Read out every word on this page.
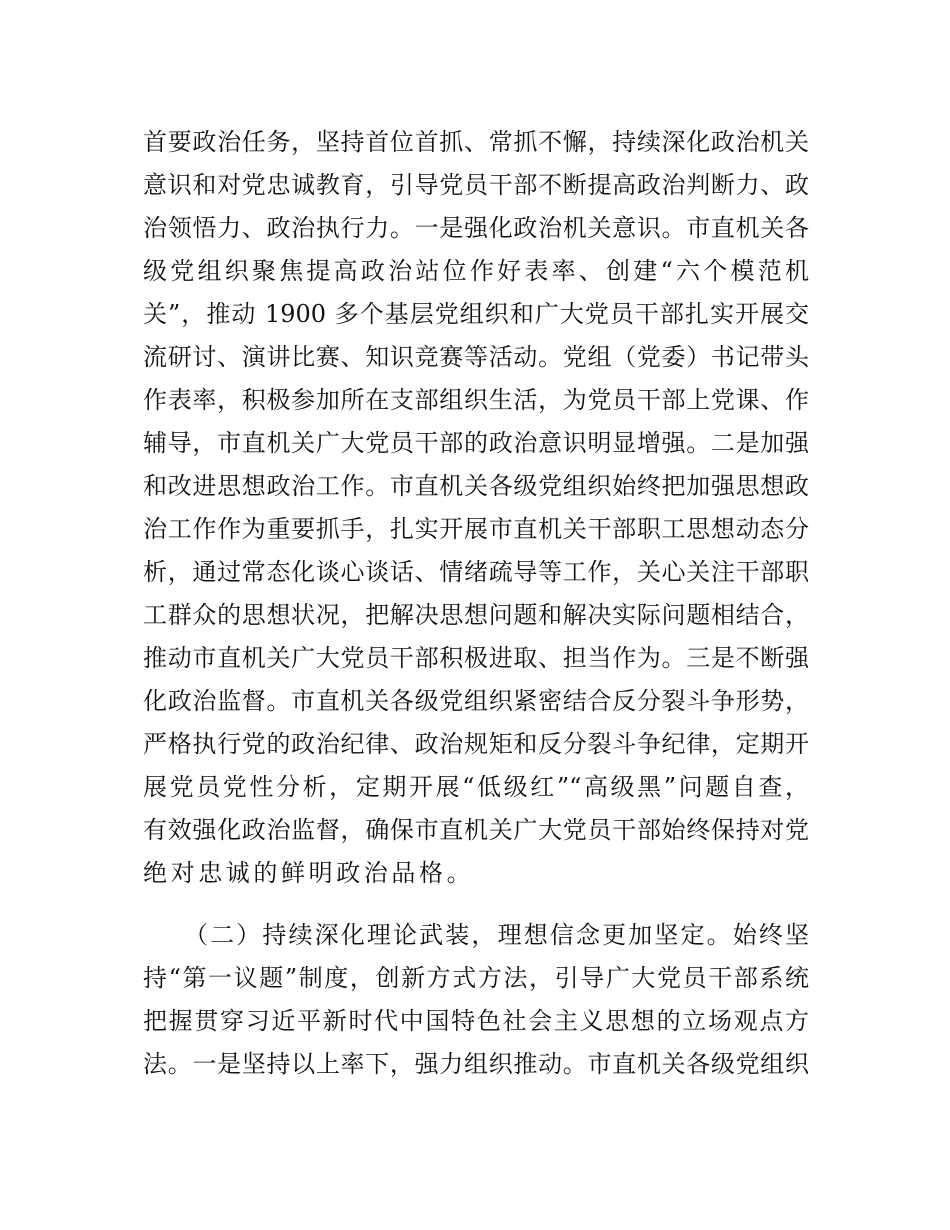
首要政治任务，坚持首位首抓、常抓不懈，持续深化政治机关
意识和对党忠诚教育，引导党员干部不断提高政治判断力、政
治领悟力、政治执行力。一是强化政治机关意识。市直机关各
级党组织聚焦提高政治站位作好表率、创建“六个模范机
关”，推动 1900 多个基层党组织和广大党员干部扎实开展交
流研讨、演讲比赛、知识竞赛等活动。党组（党委）书记带头
作表率，积极参加所在支部组织生活，为党员干部上党课、作
辅导，市直机关广大党员干部的政治意识明显增强。二是加强
和改进思想政治工作。市直机关各级党组织始终把加强思想政
治工作作为重要抓手，扎实开展市直机关干部职工思想动态分
析，通过常态化谈心谈话、情绪疏导等工作，关心关注干部职
工群众的思想状况，把解决思想问题和解决实际问题相结合，
推动市直机关广大党员干部积极进取、担当作为。三是不断强
化政治监督。市直机关各级党组织紧密结合反分裂斗争形势，
严格执行党的政治纪律、政治规矩和反分裂斗争纪律，定期开
展党员党性分析，定期开展“低级红”“高级黑”问题自查，
有效强化政治监督，确保市直机关广大党员干部始终保持对党
绝对忠诚的鲜明政治品格。

（二）持续深化理论武装，理想信念更加坚定。始终坚
持“第一议题”制度，创新方式方法，引导广大党员干部系统
把握贯穿习近平新时代中国特色社会主义思想的立场观点方
法。一是坚持以上率下，强力组织推动。市直机关各级党组织
